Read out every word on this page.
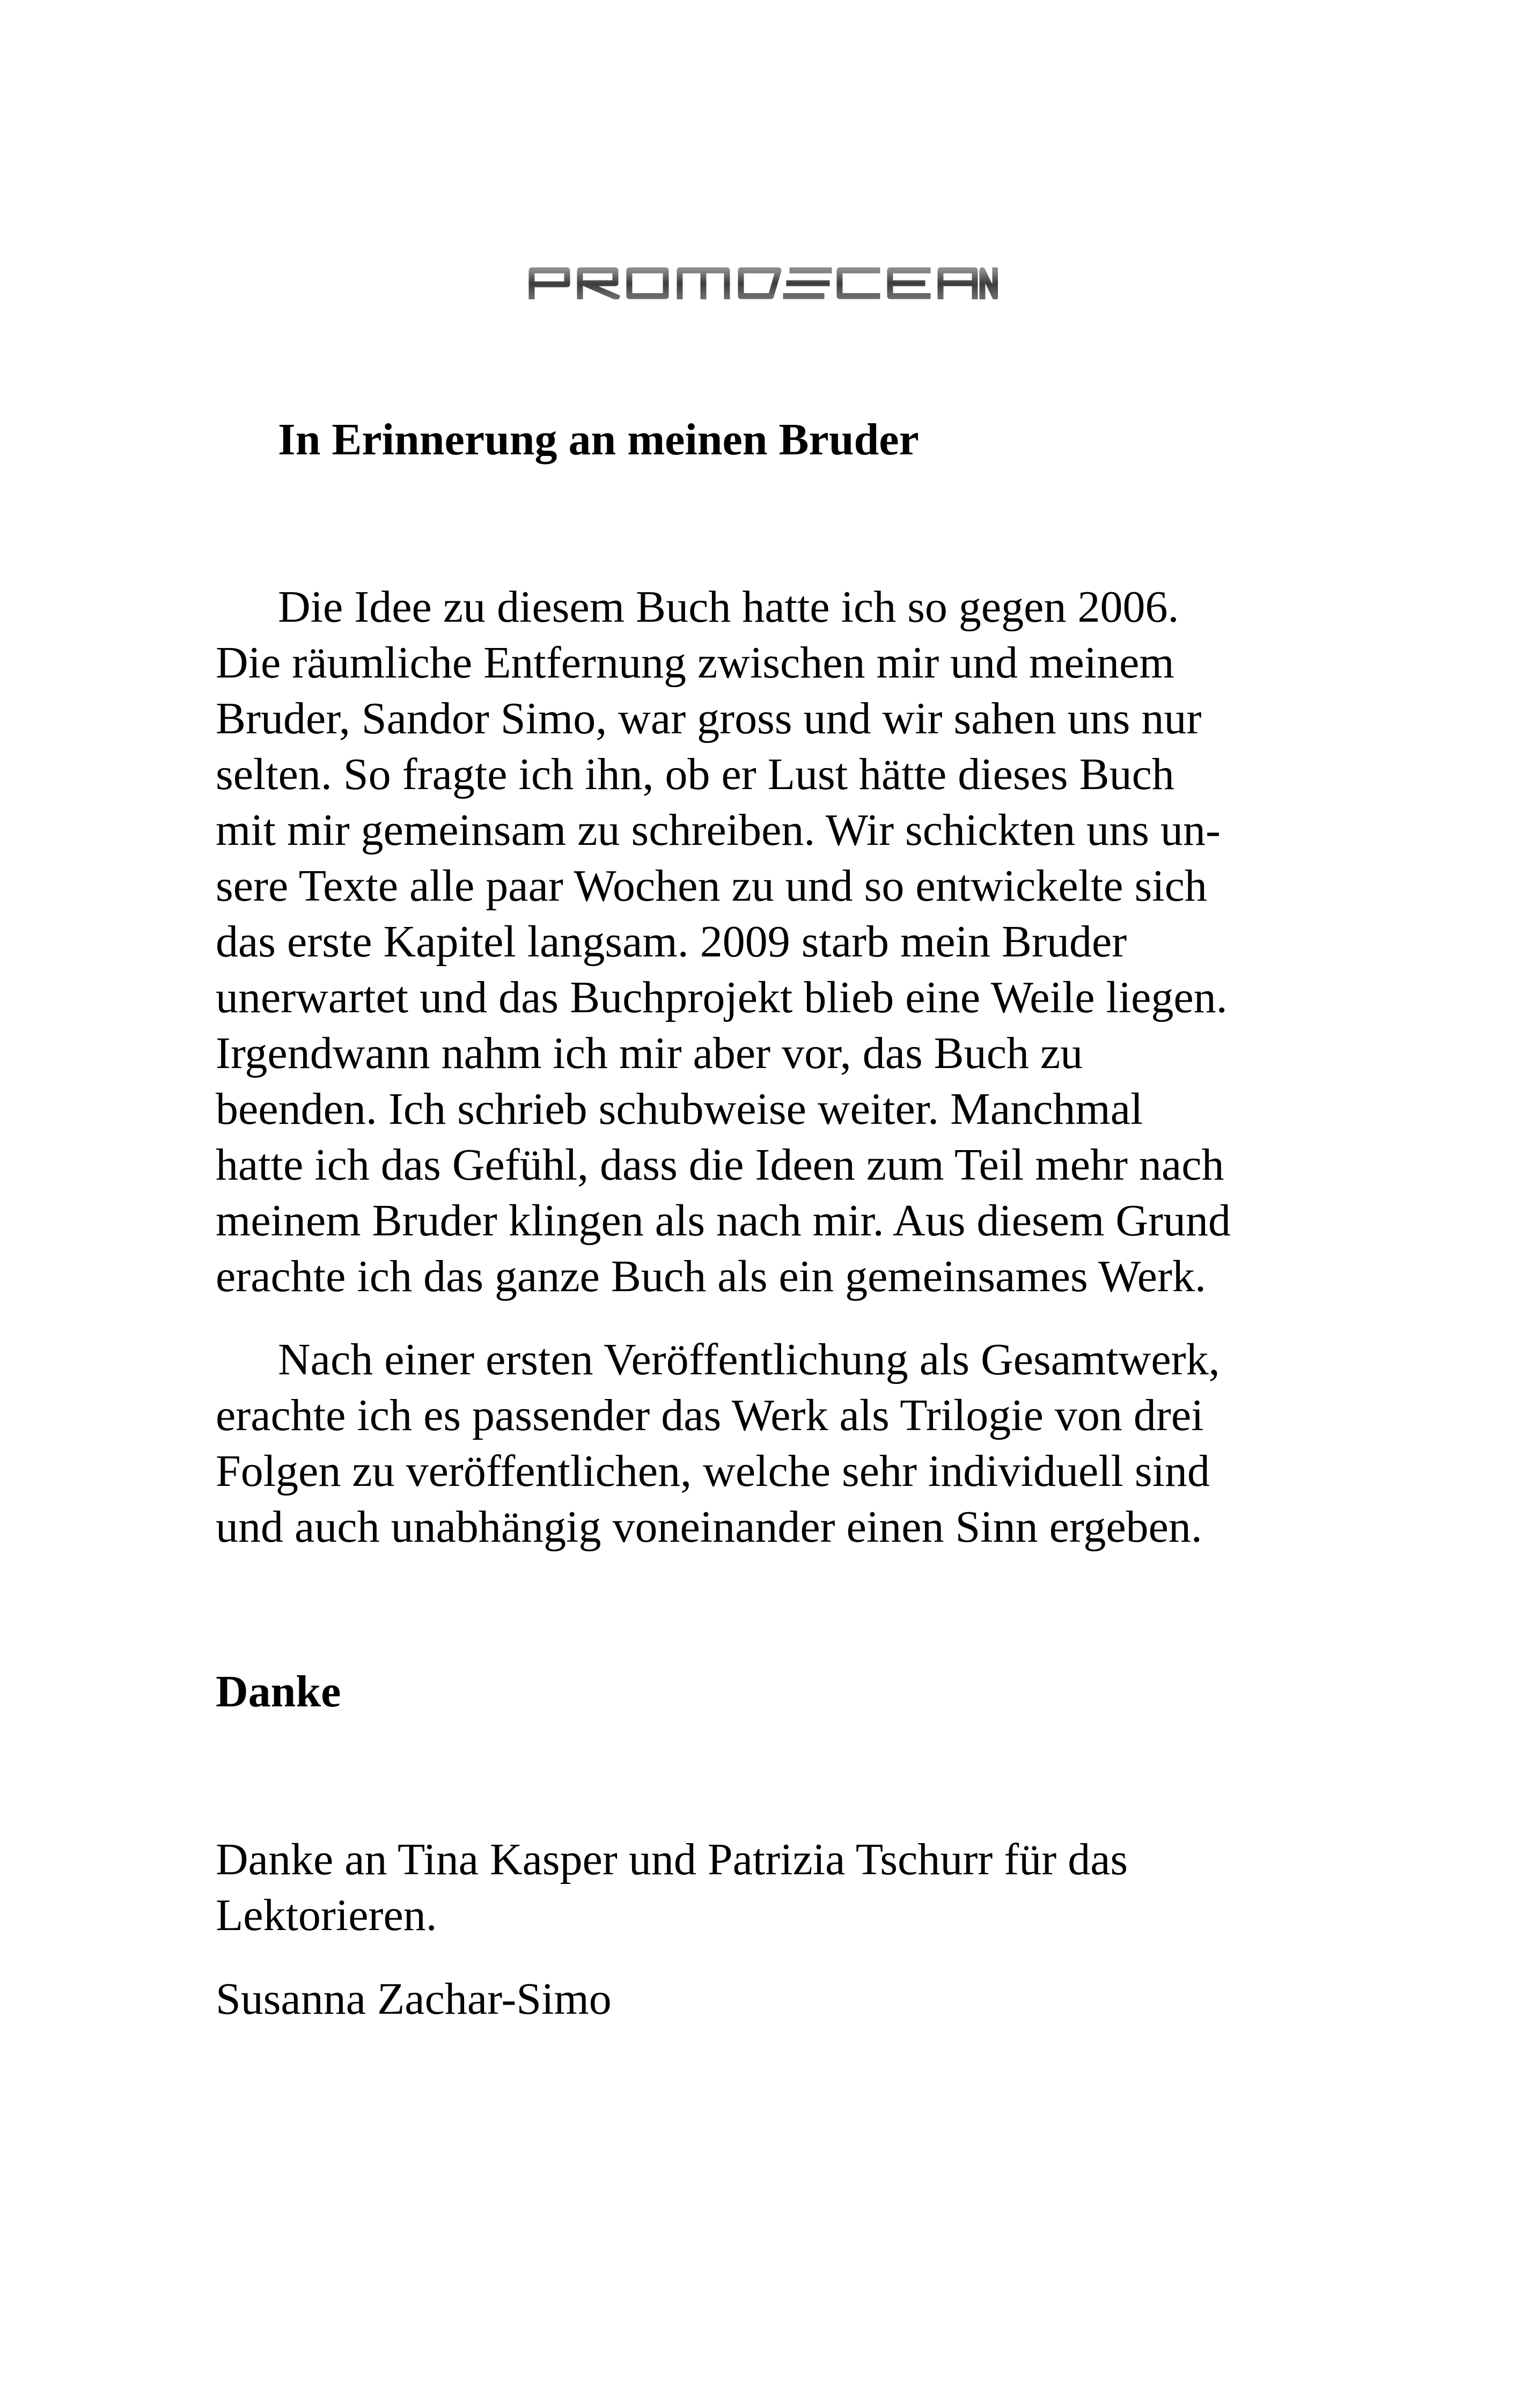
In Erinnerung an meinen Bruder

Die Idee zu diesem Buch hatte ich so gegen 2006.
Die räumliche Entfernung zwischen mir und meinem
Bruder, Sandor Simo, war gross und wir sahen uns nur
selten. So fragte ich ihn, ob er Lust hätte dieses Buch
mit mir gemeinsam zu schreiben. Wir schickten uns un-
sere Texte alle paar Wochen zu und so entwickelte sich
das erste Kapitel langsam. 2009 starb mein Bruder
unerwartet und das Buchprojekt blieb eine Weile liegen.
Irgendwann nahm ich mir aber vor, das Buch zu
beenden. Ich schrieb schubweise weiter. Manchmal
hatte ich das Gefühl, dass die Ideen zum Teil mehr nach
meinem Bruder klingen als nach mir. Aus diesem Grund
erachte ich das ganze Buch als ein gemeinsames Werk.

Nach einer ersten Veröffentlichung als Gesamtwerk,
erachte ich es passender das Werk als Trilogie von drei
Folgen zu veröffentlichen, welche sehr individuell sind
und auch unabhängig voneinander einen Sinn ergeben.

Danke

Danke an Tina Kasper und Patrizia Tschurr für das
Lektorieren.

Susanna Zachar-Simo
